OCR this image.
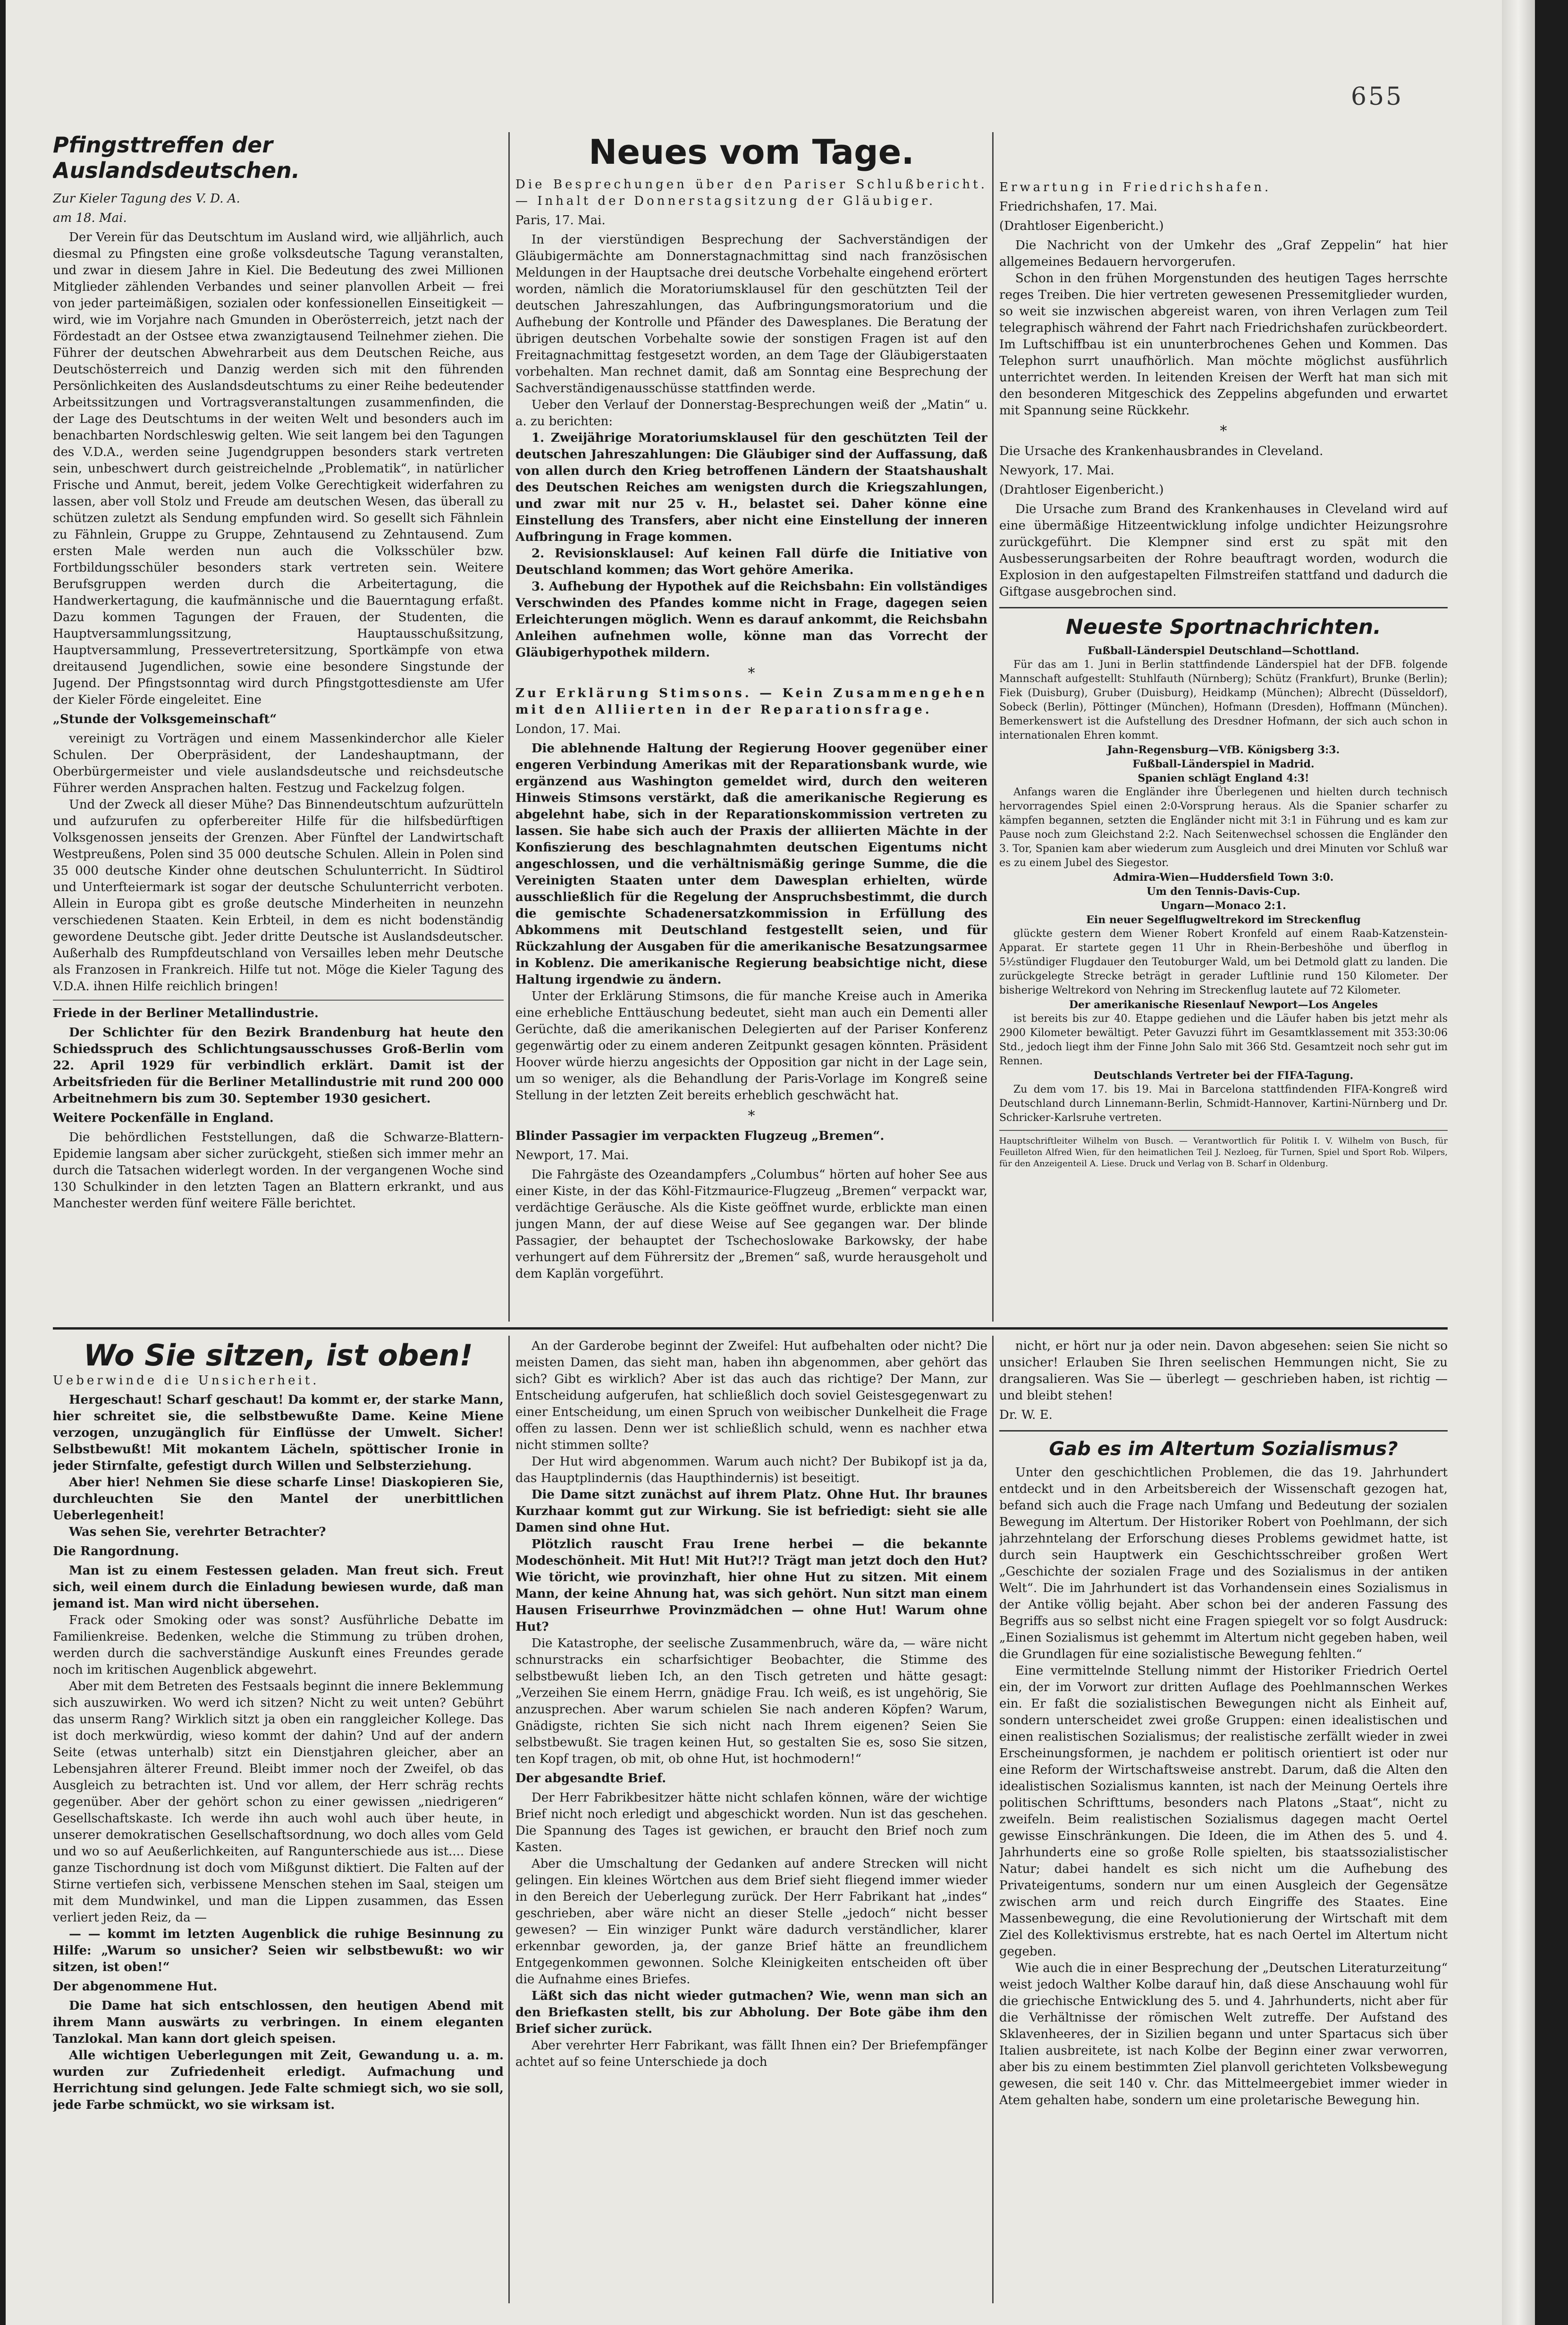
655
Pfingsttreffen der Auslandsdeutschen.
Zur Kieler Tagung des V. D. A.
am 18. Mai.

Der Verein für das Deutschtum im Ausland wird, wie alljährlich, auch diesmal zu Pfingsten eine große volksdeutsche Tagung veranstalten, und zwar in diesem Jahre in Kiel. Die Bedeutung des zwei Millionen Mitglieder zählenden Verbandes und seiner planvollen Arbeit — frei von jeder parteimäßigen, sozialen oder konfessionellen Einseitigkeit — wird, wie im Vorjahre nach Gmunden in Oberösterreich, jetzt nach der Fördestadt an der Ostsee etwa zwanzigtausend Teilnehmer ziehen. Die Führer der deutschen Abwehrarbeit aus dem Deutschen Reiche, aus Deutschösterreich und Danzig werden sich mit den führenden Persönlichkeiten des Auslandsdeutschtums zu einer Reihe bedeutender Arbeitssitzungen und Vortragsveranstaltungen zusammenfinden, die der Lage des Deutschtums in der weiten Welt und besonders auch im benachbarten Nordschleswig gelten. Wie seit langem bei den Tagungen des V.D.A., werden seine Jugendgruppen besonders stark vertreten sein, unbeschwert durch geistreichelnde „Problematik“, in natürlicher Frische und Anmut, bereit, jedem Volke Gerechtigkeit widerfahren zu lassen, aber voll Stolz und Freude am deutschen Wesen, das überall zu schützen zuletzt als Sendung empfunden wird. So gesellt sich Fähnlein zu Fähnlein, Gruppe zu Gruppe, Zehntausend zu Zehntausend. Zum ersten Male werden nun auch die Volksschüler bzw. Fortbildungsschüler besonders stark vertreten sein. Weitere Berufsgruppen werden durch die Arbeitertagung, die Handwerkertagung, die kaufmännische und die Bauerntagung erfaßt. Dazu kommen Tagungen der Frauen, der Studenten, die Hauptversammlungssitzung, Hauptausschußsitzung, Hauptversammlung, Pressevertretersitzung, Sportkämpfe von etwa dreitausend Jugendlichen, sowie eine besondere Singstunde der Jugend. Der Pfingstsonntag wird durch Pfingstgottesdienste am Ufer der Kieler Förde eingeleitet. Eine

„Stunde der Volksgemeinschaft“

vereinigt zu Vorträgen und einem Massenkinderchor alle Kieler Schulen. Der Oberpräsident, der Landeshauptmann, der Oberbürgermeister und viele auslandsdeutsche und reichsdeutsche Führer werden Ansprachen halten. Festzug und Fackelzug folgen.

Und der Zweck all dieser Mühe? Das Binnendeutschtum aufzurütteln und aufzurufen zu opferbereiter Hilfe für die hilfsbedürftigen Volksgenossen jenseits der Grenzen. Aber Fünftel der Landwirtschaft Westpreußens, Polen sind 35 000 deutsche Schulen. Allein in Polen sind 35 000 deutsche Kinder ohne deutschen Schulunterricht. In Südtirol und Unterfteiermark ist sogar der deutsche Schulunterricht verboten. Allein in Europa gibt es große deutsche Minderheiten in neunzehn verschiedenen Staaten. Kein Erbteil, in dem es nicht bodenständig gewordene Deutsche gibt. Jeder dritte Deutsche ist Auslandsdeutscher. Außerhalb des Rumpfdeutschland von Versailles leben mehr Deutsche als Franzosen in Frankreich. Hilfe tut not. Möge die Kieler Tagung des V.D.A. ihnen Hilfe reichlich bringen!

Friede in der Berliner Metallindustrie.

Der Schlichter für den Bezirk Brandenburg hat heute den Schiedsspruch des Schlichtungsausschusses Groß-Berlin vom 22. April 1929 für verbindlich erklärt. Damit ist der Arbeitsfrieden für die Berliner Metallindustrie mit rund 200 000 Arbeitnehmern bis zum 30. September 1930 gesichert.

Weitere Pockenfälle in England.

Die behördlichen Feststellungen, daß die Schwarze-Blattern-Epidemie langsam aber sicher zurückgeht, stießen sich immer mehr an durch die Tatsachen widerlegt worden. In der vergangenen Woche sind 130 Schulkinder in den letzten Tagen an Blattern erkrankt, und aus Manchester werden fünf weitere Fälle berichtet.

Neues vom Tage.
Die Besprechungen über den Pariser Schlußbericht. — Inhalt der Donnerstagsitzung der Gläubiger.
Paris, 17. Mai.

In der vierstündigen Besprechung der Sachverständigen der Gläubigermächte am Donnerstagnachmittag sind nach französischen Meldungen in der Hauptsache drei deutsche Vorbehalte eingehend erörtert worden, nämlich die Moratoriumsklausel für den geschützten Teil der deutschen Jahreszahlungen, das Aufbringungsmoratorium und die Aufhebung der Kontrolle und Pfänder des Dawesplanes. Die Beratung der übrigen deutschen Vorbehalte sowie der sonstigen Fragen ist auf den Freitagnachmittag festgesetzt worden, an dem Tage der Gläubigerstaaten vorbehalten. Man rechnet damit, daß am Sonntag eine Besprechung der Sachverständigenausschüsse stattfinden werde.

Ueber den Verlauf der Donnerstag-Besprechungen weiß der „Matin“ u. a. zu berichten:

1. Zweijährige Moratoriumsklausel für den geschützten Teil der deutschen Jahreszahlungen: Die Gläubiger sind der Auffassung, daß von allen durch den Krieg betroffenen Ländern der Staatshaushalt des Deutschen Reiches am wenigsten durch die Kriegszahlungen, und zwar mit nur 25 v. H., belastet sei. Daher könne eine Einstellung des Transfers, aber nicht eine Einstellung der inneren Aufbringung in Frage kommen.

2. Revisionsklausel: Auf keinen Fall dürfe die Initiative von Deutschland kommen; das Wort gehöre Amerika.

3. Aufhebung der Hypothek auf die Reichsbahn: Ein vollständiges Verschwinden des Pfandes komme nicht in Frage, dagegen seien Erleichterungen möglich. Wenn es darauf ankommt, die Reichsbahn Anleihen aufnehmen wolle, könne man das Vorrecht der Gläubigerhypothek mildern.

*
Zur Erklärung Stimsons. — Kein Zusammengehen mit den Alliierten in der Reparationsfrage.
London, 17. Mai.

Die ablehnende Haltung der Regierung Hoover gegenüber einer engeren Verbindung Amerikas mit der Reparationsbank wurde, wie ergänzend aus Washington gemeldet wird, durch den weiteren Hinweis Stimsons verstärkt, daß die amerikanische Regierung es abgelehnt habe, sich in der Reparationskommission vertreten zu lassen. Sie habe sich auch der Praxis der alliierten Mächte in der Konfiszierung des beschlagnahmten deutschen Eigentums nicht angeschlossen, und die verhältnismäßig geringe Summe, die die Vereinigten Staaten unter dem Dawesplan erhielten, würde ausschließlich für die Regelung der Anspruchsbestimmt, die durch die gemischte Schadenersatzkommission in Erfüllung des Abkommens mit Deutschland festgestellt seien, und für Rückzahlung der Ausgaben für die amerikanische Besatzungsarmee in Koblenz. Die amerikanische Regierung beabsichtige nicht, diese Haltung irgendwie zu ändern.

Unter der Erklärung Stimsons, die für manche Kreise auch in Amerika eine erhebliche Enttäuschung bedeutet, sieht man auch ein Dementi aller Gerüchte, daß die amerikanischen Delegierten auf der Pariser Konferenz gegenwärtig oder zu einem anderen Zeitpunkt gesagen könnten. Präsident Hoover würde hierzu angesichts der Opposition gar nicht in der Lage sein, um so weniger, als die Behandlung der Paris-Vorlage im Kongreß seine Stellung in der letzten Zeit bereits erheblich geschwächt hat.

*
Blinder Passagier im verpackten Flugzeug „Bremen“.
Newport, 17. Mai.

Die Fahrgäste des Ozeandampfers „Columbus“ hörten auf hoher See aus einer Kiste, in der das Köhl-Fitzmaurice-Flugzeug „Bremen“ verpackt war, verdächtige Geräusche. Als die Kiste geöffnet wurde, erblickte man einen jungen Mann, der auf diese Weise auf See gegangen war. Der blinde Passagier, der behauptet der Tschechoslowake Barkowsky, der habe verhungert auf dem Führersitz der „Bremen“ saß, wurde herausgeholt und dem Kaplän vorgeführt.

Erwartung in Friedrichshafen.
Friedrichshafen, 17. Mai.
(Drahtloser Eigenbericht.)

Die Nachricht von der Umkehr des „Graf Zeppelin“ hat hier allgemeines Bedauern hervorgerufen.

Schon in den frühen Morgenstunden des heutigen Tages herrschte reges Treiben. Die hier vertreten gewesenen Pressemitglieder wurden, so weit sie inzwischen abgereist waren, von ihren Verlagen zum Teil telegraphisch während der Fahrt nach Friedrichshafen zurückbeordert. Im Luftschiffbau ist ein ununterbrochenes Gehen und Kommen. Das Telephon surrt unaufhörlich. Man möchte möglichst ausführlich unterrichtet werden. In leitenden Kreisen der Werft hat man sich mit den besonderen Mitgeschick des Zeppelins abgefunden und erwartet mit Spannung seine Rückkehr.

*
Die Ursache des Krankenhausbrandes in Cleveland.
Newyork, 17. Mai.
(Drahtloser Eigenbericht.)

Die Ursache zum Brand des Krankenhauses in Cleveland wird auf eine übermäßige Hitzeentwicklung infolge undichter Heizungsrohre zurückgeführt. Die Klempner sind erst zu spät mit den Ausbesserungsarbeiten der Rohre beauftragt worden, wodurch die Explosion in den aufgestapelten Filmstreifen stattfand und dadurch die Giftgase ausgebrochen sind.

Neueste Sportnachrichten.
Fußball-Länderspiel Deutschland—Schottland.

Für das am 1. Juni in Berlin stattfindende Länderspiel hat der DFB. folgende Mannschaft aufgestellt: Stuhlfauth (Nürnberg); Schütz (Frankfurt), Brunke (Berlin); Fiek (Duisburg), Gruber (Duisburg), Heidkamp (München); Albrecht (Düsseldorf), Sobeck (Berlin), Pöttinger (München), Hofmann (Dresden), Hoffmann (München). Bemerkenswert ist die Aufstellung des Dresdner Hofmann, der sich auch schon in internationalen Ehren kommt.

Jahn-Regensburg—VfB. Königsberg 3:3.
Fußball-Länderspiel in Madrid.
Spanien schlägt England 4:3!

Anfangs waren die Engländer ihre Überlegenen und hielten durch technisch hervorragendes Spiel einen 2:0-Vorsprung heraus. Als die Spanier scharfer zu kämpfen begannen, setzten die Engländer nicht mit 3:1 in Führung und es kam zur Pause noch zum Gleichstand 2:2. Nach Seitenwechsel schossen die Engländer den 3. Tor, Spanien kam aber wiederum zum Ausgleich und drei Minuten vor Schluß war es zu einem Jubel des Siegestor.

Admira-Wien—Huddersfield Town 3:0.
Um den Tennis-Davis-Cup.
Ungarn—Monaco 2:1.
Ein neuer Segelflugweltrekord im Streckenflug

glückte gestern dem Wiener Robert Kronfeld auf einem Raab-Katzenstein-Apparat. Er startete gegen 11 Uhr in Rhein-Berbeshöhe und überflog in 5½stündiger Flugdauer den Teutoburger Wald, um bei Detmold glatt zu landen. Die zurückgelegte Strecke beträgt in gerader Luftlinie rund 150 Kilometer. Der bisherige Weltrekord von Nehring im Streckenflug lautete auf 72 Kilometer.

Der amerikanische Riesenlauf Newport—Los Angeles

ist bereits bis zur 40. Etappe gediehen und die Läufer haben bis jetzt mehr als 2900 Kilometer bewältigt. Peter Gavuzzi führt im Gesamtklassement mit 353:30:06 Std., jedoch liegt ihm der Finne John Salo mit 366 Std. Gesamtzeit noch sehr gut im Rennen.

Deutschlands Vertreter bei der FIFA-Tagung.

Zu dem vom 17. bis 19. Mai in Barcelona stattfindenden FIFA-Kongreß wird Deutschland durch Linnemann-Berlin, Schmidt-Hannover, Kartini-Nürnberg und Dr. Schricker-Karlsruhe vertreten.

Hauptschriftleiter Wilhelm von Busch. — Verantwortlich für Politik I. V. Wilhelm von Busch, für Feuilleton Alfred Wien, für den heimatlichen Teil J. Nezloeg, für Turnen, Spiel und Sport Rob. Wilpers, für den Anzeigenteil A. Liese. Druck und Verlag von B. Scharf in Oldenburg.
Wo Sie sitzen, ist oben!
Ueberwinde die Unsicherheit.

Hergeschaut! Scharf geschaut! Da kommt er, der starke Mann, hier schreitet sie, die selbstbewußte Dame. Keine Miene verzogen, unzugänglich für Einflüsse der Umwelt. Sicher! Selbstbewußt! Mit mokantem Lächeln, spöttischer Ironie in jeder Stirnfalte, gefestigt durch Willen und Selbsterziehung.

Aber hier! Nehmen Sie diese scharfe Linse! Diaskopieren Sie, durchleuchten Sie den Mantel der unerbittlichen Ueberlegenheit!

Was sehen Sie, verehrter Betrachter?

Die Rangordnung.

Man ist zu einem Festessen geladen. Man freut sich. Freut sich, weil einem durch die Einladung bewiesen wurde, daß man jemand ist. Man wird nicht übersehen.

Frack oder Smoking oder was sonst? Ausführliche Debatte im Familienkreise. Bedenken, welche die Stimmung zu trüben drohen, werden durch die sachverständige Auskunft eines Freundes gerade noch im kritischen Augenblick abgewehrt.

Aber mit dem Betreten des Festsaals beginnt die innere Beklemmung sich auszuwirken. Wo werd ich sitzen? Nicht zu weit unten? Gebührt das unserm Rang? Wirklich sitzt ja oben ein ranggleicher Kollege. Das ist doch merkwürdig, wieso kommt der dahin? Und auf der andern Seite (etwas unterhalb) sitzt ein Dienstjahren gleicher, aber an Lebensjahren älterer Freund. Bleibt immer noch der Zweifel, ob das Ausgleich zu betrachten ist. Und vor allem, der Herr schräg rechts gegenüber. Aber der gehört schon zu einer gewissen „niedrigeren“ Gesellschaftskaste. Ich werde ihn auch wohl auch über heute, in unserer demokratischen Gesellschaftsordnung, wo doch alles vom Geld und wo so auf Aeußerlichkeiten, auf Rangunterschiede aus ist.... Diese ganze Tischordnung ist doch vom Mißgunst diktiert. Die Falten auf der Stirne vertiefen sich, verbissene Menschen stehen im Saal, steigen um mit dem Mundwinkel, und man die Lippen zusammen, das Essen verliert jeden Reiz, da —

— — kommt im letzten Augenblick die ruhige Besinnung zu Hilfe: „Warum so unsicher? Seien wir selbstbewußt: wo wir sitzen, ist oben!“

Der abgenommene Hut.

Die Dame hat sich entschlossen, den heutigen Abend mit ihrem Mann auswärts zu verbringen. In einem eleganten Tanzlokal. Man kann dort gleich speisen.

Alle wichtigen Ueberlegungen mit Zeit, Gewandung u. a. m. wurden zur Zufriedenheit erledigt. Aufmachung und Herrichtung sind gelungen. Jede Falte schmiegt sich, wo sie soll, jede Farbe schmückt, wo sie wirksam ist.

An der Garderobe beginnt der Zweifel: Hut aufbehalten oder nicht? Die meisten Damen, das sieht man, haben ihn abgenommen, aber gehört das sich? Gibt es wirklich? Aber ist das auch das richtige? Der Mann, zur Entscheidung aufgerufen, hat schließlich doch soviel Geistesgegenwart zu einer Entscheidung, um einen Spruch von weibischer Dunkelheit die Frage offen zu lassen. Denn wer ist schließlich schuld, wenn es nachher etwa nicht stimmen sollte?

Der Hut wird abgenommen. Warum auch nicht? Der Bubikopf ist ja da, das Hauptplindernis (das Haupthindernis) ist beseitigt.

Die Dame sitzt zunächst auf ihrem Platz. Ohne Hut. Ihr braunes Kurzhaar kommt gut zur Wirkung. Sie ist befriedigt: sieht sie alle Damen sind ohne Hut.

Plötzlich rauscht Frau Irene herbei — die bekannte Modeschönheit. Mit Hut! Mit Hut?!? Trägt man jetzt doch den Hut? Wie töricht, wie provinzhaft, hier ohne Hut zu sitzen. Mit einem Mann, der keine Ahnung hat, was sich gehört. Nun sitzt man einem Hausen Friseurrhwe Provinzmädchen — ohne Hut! Warum ohne Hut?

Die Katastrophe, der seelische Zusammenbruch, wäre da, — wäre nicht schnurstracks ein scharfsichtiger Beobachter, die Stimme des selbstbewußt lieben Ich, an den Tisch getreten und hätte gesagt: „Verzeihen Sie einem Herrn, gnädige Frau. Ich weiß, es ist ungehörig, Sie anzusprechen. Aber warum schielen Sie nach anderen Köpfen? Warum, Gnädigste, richten Sie sich nicht nach Ihrem eigenen? Seien Sie selbstbewußt. Sie tragen keinen Hut, so gestalten Sie es, soso Sie sitzen, ten Kopf tragen, ob mit, ob ohne Hut, ist hochmodern!“

Der abgesandte Brief.

Der Herr Fabrikbesitzer hätte nicht schlafen können, wäre der wichtige Brief nicht noch erledigt und abgeschickt worden. Nun ist das geschehen. Die Spannung des Tages ist gewichen, er braucht den Brief noch zum Kasten.

Aber die Umschaltung der Gedanken auf andere Strecken will nicht gelingen. Ein kleines Wörtchen aus dem Brief sieht fliegend immer wieder in den Bereich der Ueberlegung zurück. Der Herr Fabrikant hat „indes“ geschrieben, aber wäre nicht an dieser Stelle „jedoch“ nicht besser gewesen? — Ein winziger Punkt wäre dadurch verständlicher, klarer erkennbar geworden, ja, der ganze Brief hätte an freundlichem Entgegenkommen gewonnen. Solche Kleinigkeiten entscheiden oft über die Aufnahme eines Briefes.

Läßt sich das nicht wieder gutmachen? Wie, wenn man sich an den Briefkasten stellt, bis zur Abholung. Der Bote gäbe ihm den Brief sicher zurück.

Aber verehrter Herr Fabrikant, was fällt Ihnen ein? Der Briefempfänger achtet auf so feine Unterschiede ja doch

nicht, er hört nur ja oder nein. Davon abgesehen: seien Sie nicht so unsicher! Erlauben Sie Ihren seelischen Hemmungen nicht, Sie zu drangsalieren. Was Sie — überlegt — geschrieben haben, ist richtig — und bleibt stehen!

Dr. W. E.
Gab es im Altertum Sozialismus?

Unter den geschichtlichen Problemen, die das 19. Jahrhundert entdeckt und in den Arbeitsbereich der Wissenschaft gezogen hat, befand sich auch die Frage nach Umfang und Bedeutung der sozialen Bewegung im Altertum. Der Historiker Robert von Poehlmann, der sich jahrzehntelang der Erforschung dieses Problems gewidmet hatte, ist durch sein Hauptwerk ein Geschichtsschreiber großen Wert „Geschichte der sozialen Frage und des Sozialismus in der antiken Welt“. Die im Jahrhundert ist das Vorhandensein eines Sozialismus in der Antike völlig bejaht. Aber schon bei der anderen Fassung des Begriffs aus so selbst nicht eine Fragen spiegelt vor so folgt Ausdruck: „Einen Sozialismus ist gehemmt im Altertum nicht gegeben haben, weil die Grundlagen für eine sozialistische Bewegung fehlten.“

Eine vermittelnde Stellung nimmt der Historiker Friedrich Oertel ein, der im Vorwort zur dritten Auflage des Poehlmannschen Werkes ein. Er faßt die sozialistischen Bewegungen nicht als Einheit auf, sondern unterscheidet zwei große Gruppen: einen idealistischen und einen realistischen Sozialismus; der realistische zerfällt wieder in zwei Erscheinungsformen, je nachdem er politisch orientiert ist oder nur eine Reform der Wirtschaftsweise anstrebt. Darum, daß die Alten den idealistischen Sozialismus kannten, ist nach der Meinung Oertels ihre politischen Schrifttums, besonders nach Platons „Staat“, nicht zu zweifeln. Beim realistischen Sozialismus dagegen macht Oertel gewisse Einschränkungen. Die Ideen, die im Athen des 5. und 4. Jahrhunderts eine so große Rolle spielten, bis staatssozialistischer Natur; dabei handelt es sich nicht um die Aufhebung des Privateigentums, sondern nur um einen Ausgleich der Gegensätze zwischen arm und reich durch Eingriffe des Staates. Eine Massenbewegung, die eine Revolutionierung der Wirtschaft mit dem Ziel des Kollektivismus erstrebte, hat es nach Oertel im Altertum nicht gegeben.

Wie auch die in einer Besprechung der „Deutschen Literaturzeitung“ weist jedoch Walther Kolbe darauf hin, daß diese Anschauung wohl für die griechische Entwicklung des 5. und 4. Jahrhunderts, nicht aber für die Verhältnisse der römischen Welt zutreffe. Der Aufstand des Sklavenheeres, der in Sizilien begann und unter Spartacus sich über Italien ausbreitete, ist nach Kolbe der Beginn einer zwar verworren, aber bis zu einem bestimmten Ziel planvoll gerichteten Volksbewegung gewesen, die seit 140 v. Chr. das Mittelmeergebiet immer wieder in Atem gehalten habe, sondern um eine proletarische Bewegung hin.
